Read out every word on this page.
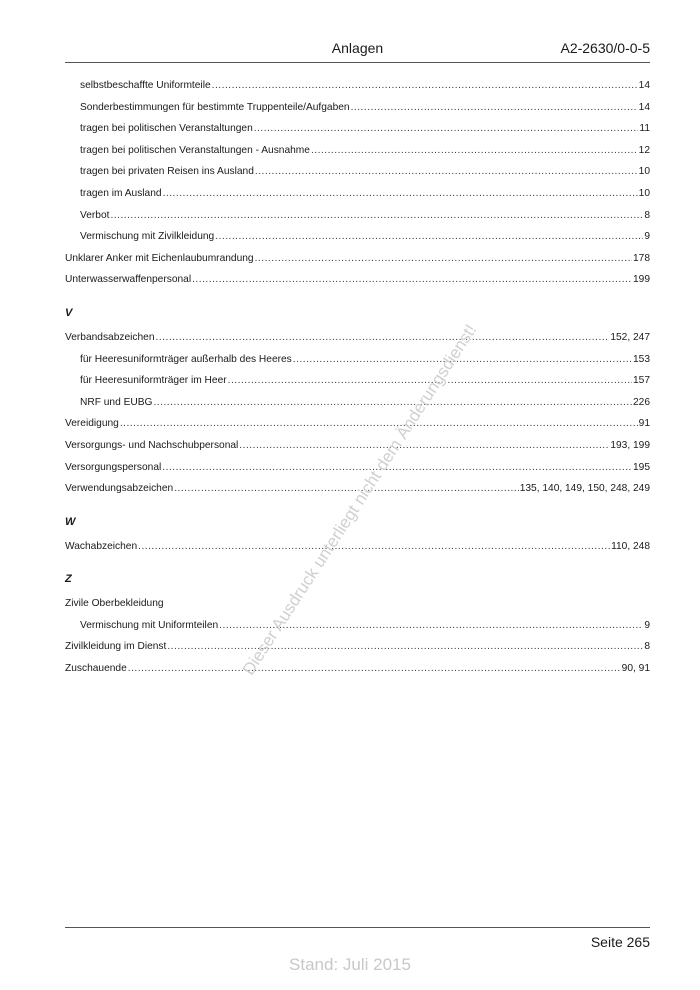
Anlagen	A2-2630/0-0-5
selbstbeschaffte Uniformteile .....	14
Sonderbestimmungen für bestimmte Truppenteile/Aufgaben .....	14
tragen bei politischen Veranstaltungen .....	11
tragen bei politischen Veranstaltungen - Ausnahme .....	12
tragen bei privaten Reisen ins Ausland .....	10
tragen im Ausland .....	10
Verbot .....	8
Vermischung mit Zivilkleidung .....	9
Unklarer Anker mit Eichenlaubumrandung .....	178
Unterwasserwaffenpersonal .....	199
V
Verbandsabzeichen .....	152, 247
für Heeresuniformträger außerhalb des Heeres .....	153
für Heeresuniformträger im Heer .....	157
NRF und EUBG .....	226
Vereidigung .....	91
Versorgungs- und Nachschubpersonal .....	193, 199
Versorgungspersonal .....	195
Verwendungsabzeichen .....	135, 140, 149, 150, 248, 249
W
Wachabzeichen .....	110, 248
Z
Zivile Oberbekleidung
Vermischung mit Uniformteilen .....	9
Zivilkleidung im Dienst .....	8
Zuschauende .....	90, 91
Dieser Ausdruck unterliegt nicht dem Änderungsdienst!
Seite 265
Stand: Juli 2015
